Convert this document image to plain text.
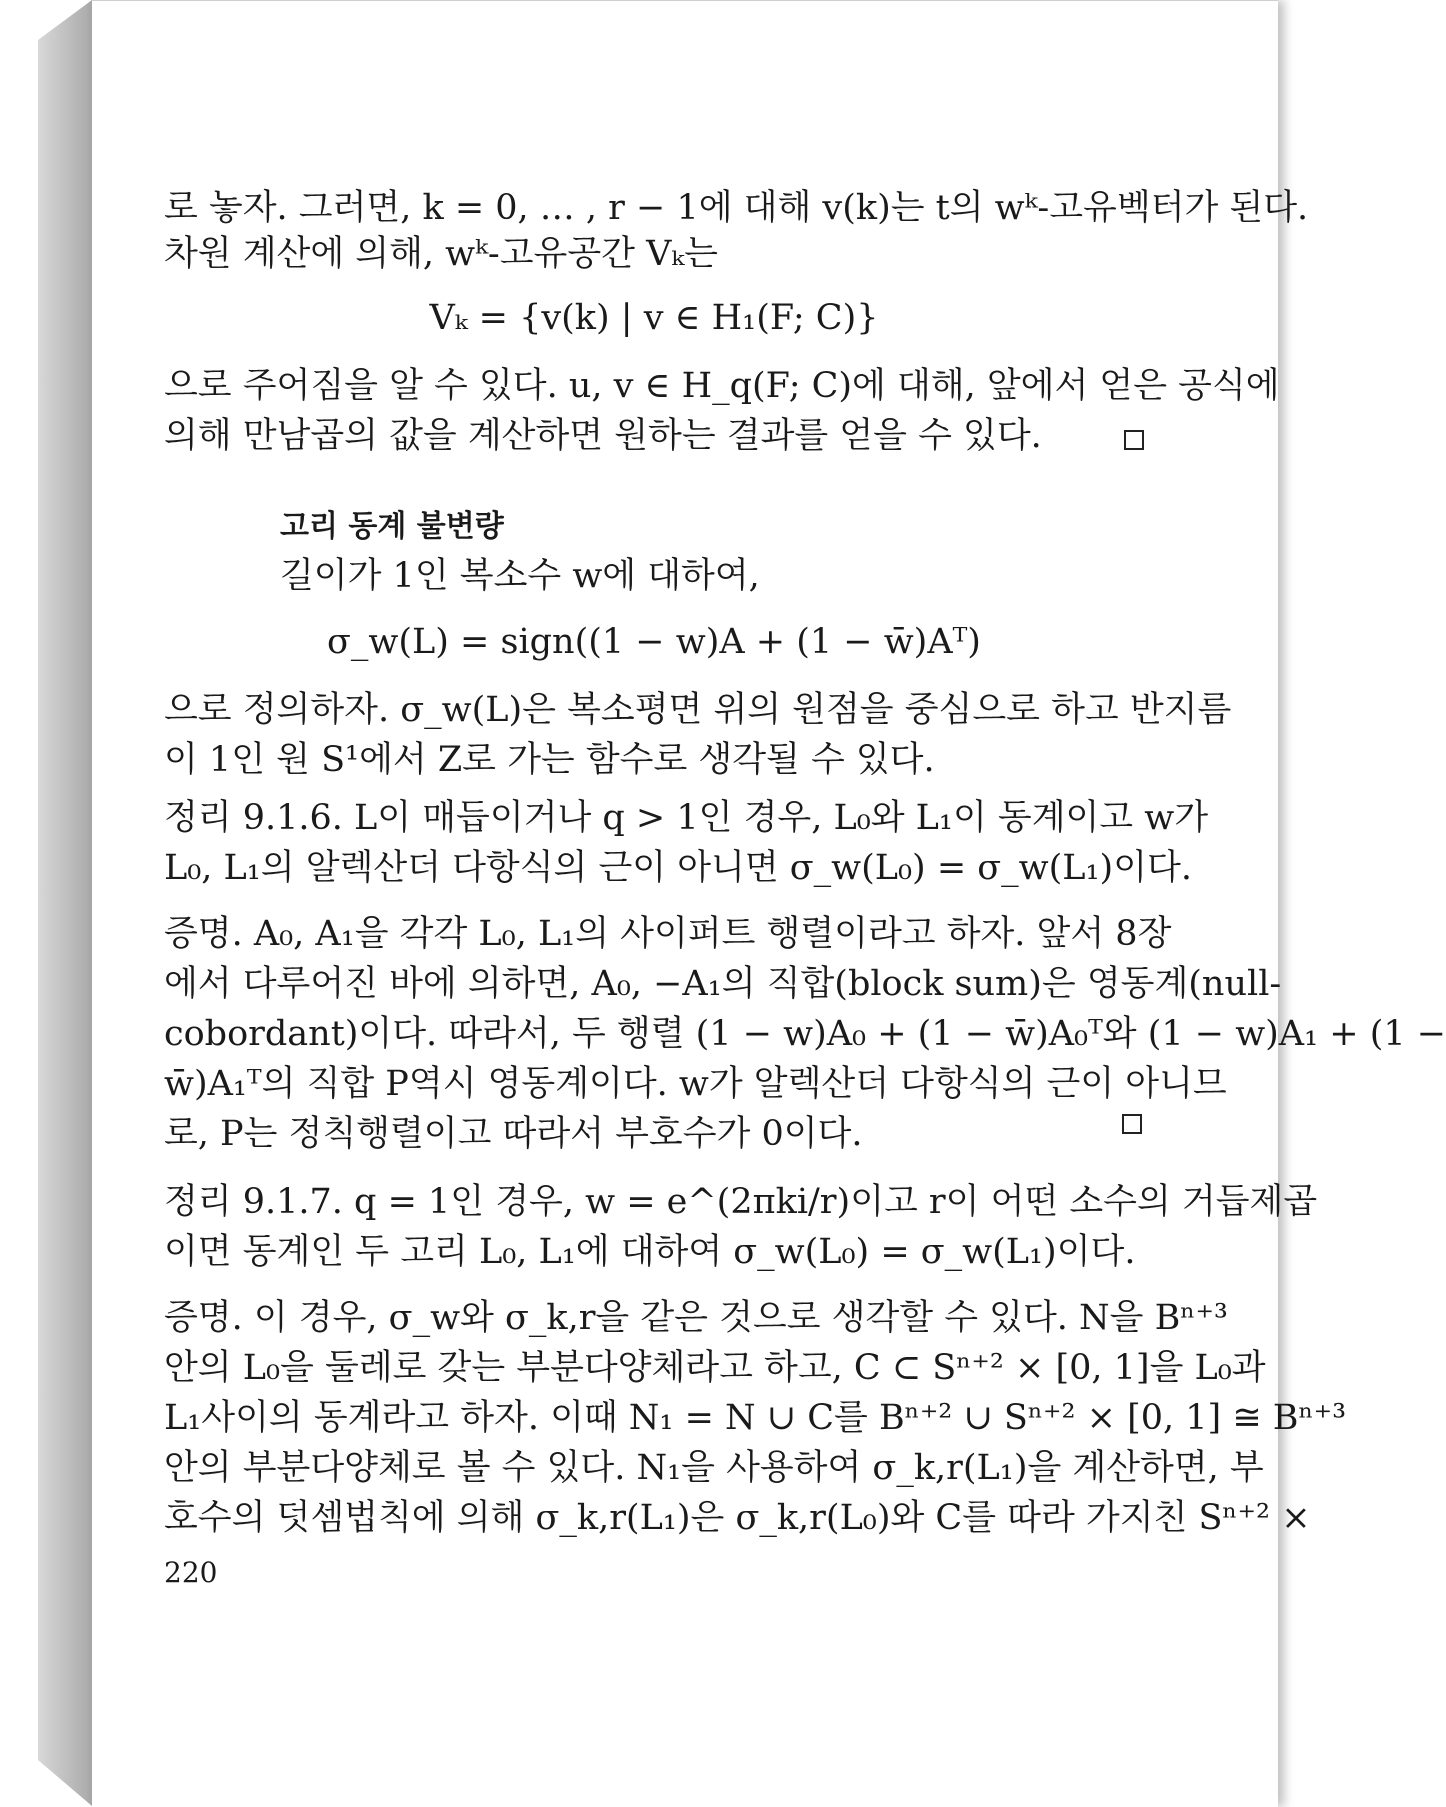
로 놓자. 그러면, k = 0, … , r − 1에 대해 v(k)는 t의 wᵏ-고유벡터가 된다.
차원 계산에 의해, wᵏ-고유공간 Vₖ는
Vₖ = {v(k) | v ∈ H₁(F; C)}
으로 주어짐을 알 수 있다. u, v ∈ H_q(F; C)에 대해, 앞에서 얻은 공식에
의해 만남곱의 값을 계산하면 원하는 결과를 얻을 수 있다.
고리 동계 불변량
길이가 1인 복소수 w에 대하여,
σ_w(L) = sign((1 − w)A + (1 − w̄)Aᵀ)
으로 정의하자. σ_w(L)은 복소평면 위의 원점을 중심으로 하고 반지름
이 1인 원 S¹에서 Z로 가는 함수로 생각될 수 있다.
정리 9.1.6. L이 매듭이거나 q > 1인 경우, L₀와 L₁이 동계이고 w가
L₀, L₁의 알렉산더 다항식의 근이 아니면 σ_w(L₀) = σ_w(L₁)이다.
증명. A₀, A₁을 각각 L₀, L₁의 사이퍼트 행렬이라고 하자. 앞서 8장
에서 다루어진 바에 의하면, A₀, −A₁의 직합(block sum)은 영동계(null-
cobordant)이다. 따라서, 두 행렬 (1 − w)A₀ + (1 − w̄)A₀ᵀ와 (1 − w)A₁ + (1 −
w̄)A₁ᵀ의 직합 P역시 영동계이다. w가 알렉산더 다항식의 근이 아니므
로, P는 정칙행렬이고 따라서 부호수가 0이다.
정리 9.1.7. q = 1인 경우, w = e^(2πki/r)이고 r이 어떤 소수의 거듭제곱
이면 동계인 두 고리 L₀, L₁에 대하여 σ_w(L₀) = σ_w(L₁)이다.
증명. 이 경우, σ_w와 σ_k,r을 같은 것으로 생각할 수 있다. N을 Bⁿ⁺³
안의 L₀을 둘레로 갖는 부분다양체라고 하고, C ⊂ Sⁿ⁺² × [0, 1]을 L₀과
L₁사이의 동계라고 하자. 이때 N₁ = N ∪ C를 Bⁿ⁺² ∪ Sⁿ⁺² × [0, 1] ≅ Bⁿ⁺³
안의 부분다양체로 볼 수 있다. N₁을 사용하여 σ_k,r(L₁)을 계산하면, 부
호수의 덧셈법칙에 의해 σ_k,r(L₁)은 σ_k,r(L₀)와 C를 따라 가지친 Sⁿ⁺² ×
220
